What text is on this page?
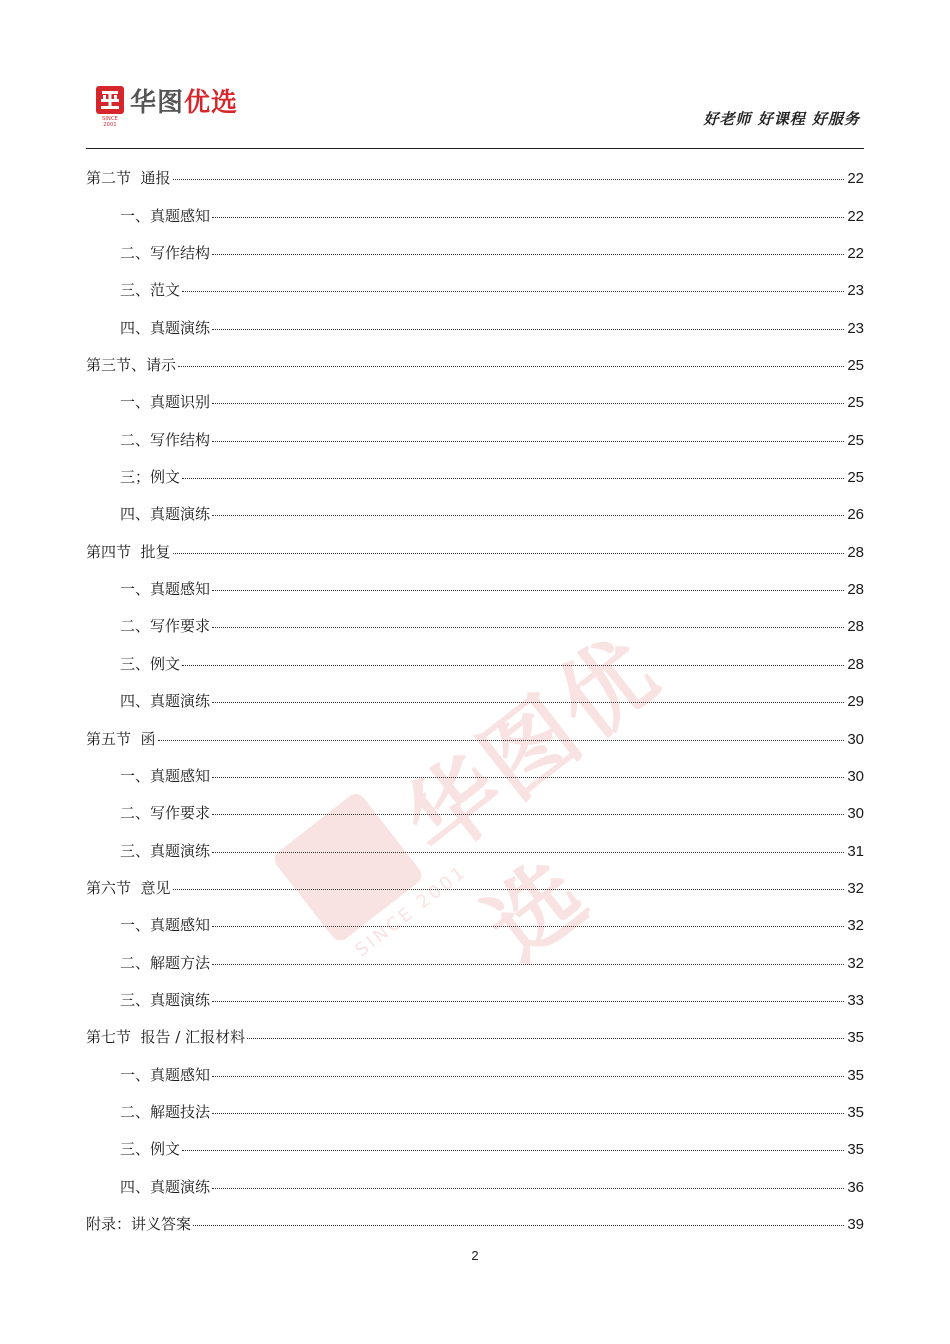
SINCE 2001
华图优选
好老师 好课程 好服务
华图优选
SINCE 2001
第二节  通报	22
一、真题感知	22
二、写作结构	22
三、范文	23
四、真题演练	23
第三节、请示	25
一、真题识别	25
二、写作结构	25
三；例文	25
四、真题演练	26
第四节  批复	28
一、真题感知	28
二、写作要求	28
三、例文	28
四、真题演练	29
第五节  函	30
一、真题感知	30
二、写作要求	30
三、真题演练	31
第六节  意见	32
一、真题感知	32
二、解题方法	32
三、真题演练	33
第七节  报告 / 汇报材料	35
一、真题感知	35
二、解题技法	35
三、例文	35
四、真题演练	36
附录：讲义答案	39
2
